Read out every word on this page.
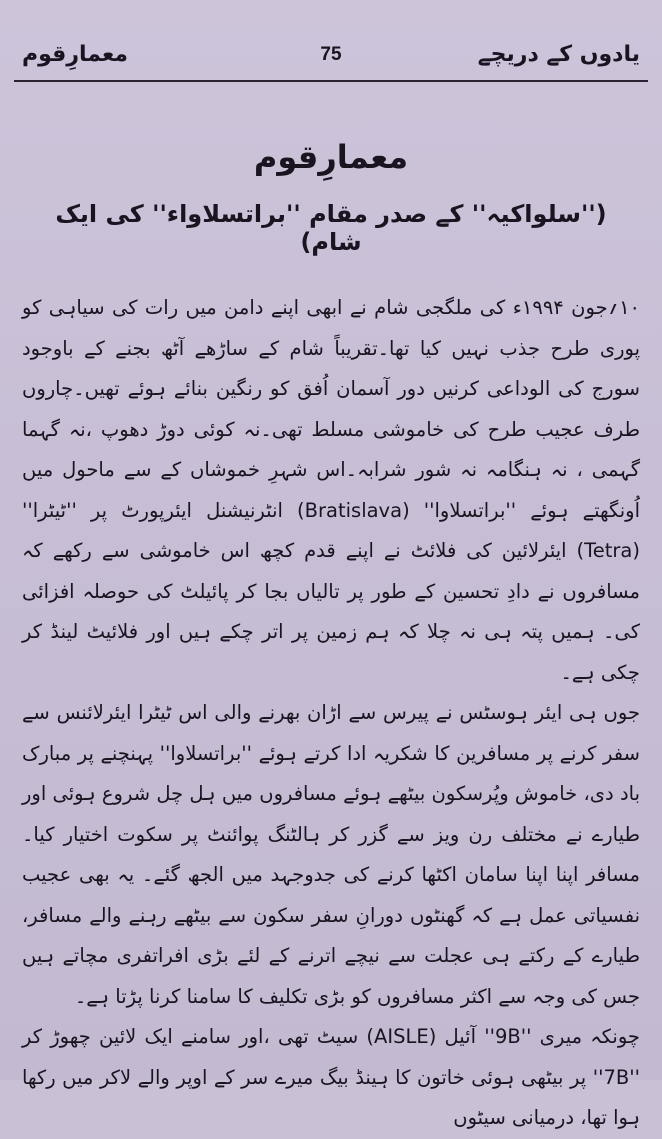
یادوں کے دریچے
75
معمارِقوم
معمارِقوم
(''سلواکیہ'' کے صدر مقام ''براتسلاواء'' کی ایک شام)

۱۰؍جون ۱۹۹۴ء کی ملگجی شام نے ابھی اپنے دامن میں رات کی سیاہی کو پوری طرح جذب نہیں کیا تھا۔تقریباً شام کے ساڑھے آٹھ بجنے کے باوجود سورج کی الوداعی کرنیں دور آسمان اُفق کو رنگین بنائے ہوئے تھیں۔چاروں طرف عجیب طرح کی خاموشی مسلط تھی۔نہ کوئی دوڑ دھوپ ،نہ گہما گہمی ، نہ ہنگامہ نہ شور شرابہ۔اس شہرِ خموشاں کے سے ماحول میں اُونگھتے ہوئے ''براتسلاوا'' (Bratislava) انٹرنیشنل ایئرپورٹ پر ''ٹیٹرا'' (Tetra) ایئرلائین کی فلائٹ نے اپنے قدم کچھ اس خاموشی سے رکھے کہ مسافروں نے دادِ تحسین کے طور پر تالیاں بجا کر پائیلٹ کی حوصلہ افزائی کی۔ ہمیں پتہ ہی نہ چلا کہ ہم زمین پر اتر چکے ہیں اور فلائیٹ لینڈ کر چکی ہے۔

جوں ہی ایئر ہوسٹس نے پیرس سے اڑان بھرنے والی اس ٹیٹرا ایئرلائنس سے سفر کرنے پر مسافرین کا شکریہ ادا کرتے ہوئے ''براتسلاوا'' پہنچنے پر مبارک باد دی، خاموش وپُرسکون بیٹھے ہوئے مسافروں میں ہل چل شروع ہوئی اور طیارے نے مختلف رن ویز سے گزر کر ہالٹنگ پوائنٹ پر سکوت اختیار کیا۔ مسافر اپنا اپنا سامان اکٹھا کرنے کی جدوجہد میں الجھ گئے۔ یہ بھی عجیب نفسیاتی عمل ہے کہ گھنٹوں دورانِ سفر سکون سے بیٹھے رہنے والے مسافر، طیارے کے رکتے ہی عجلت سے نیچے اترنے کے لئے بڑی افراتفری مچاتے ہیں جس کی وجہ سے اکثر مسافروں کو بڑی تکلیف کا سامنا کرنا پڑتا ہے۔

چونکہ میری ''9B'' آئیل (AISLE) سیٹ تھی ،اور سامنے ایک لائین چھوڑ کر ''7B'' پر بیٹھی ہوئی خاتون کا ہینڈ بیگ میرے سر کے اوپر والے لاکر میں رکھا ہوا تھا، درمیانی سیٹوں
